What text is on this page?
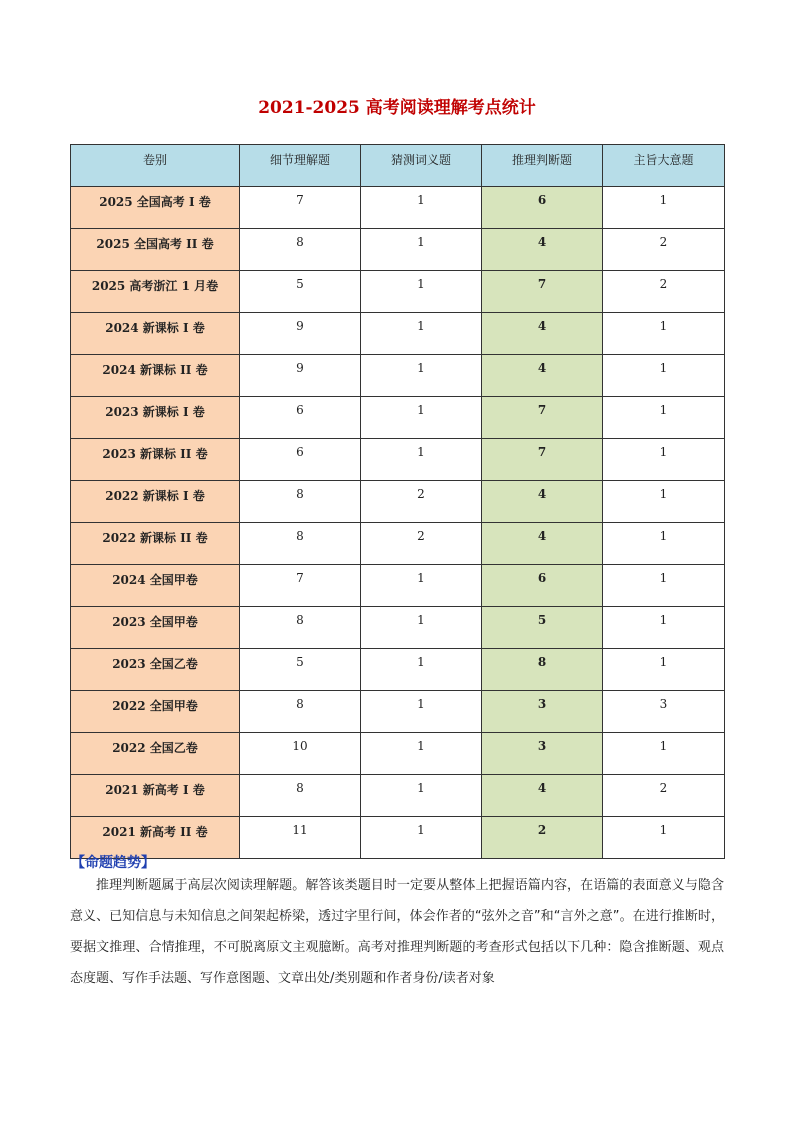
2021-2025 高考阅读理解考点统计
卷别	细节理解题	猜测词义题	推理判断题	主旨大意题
2025 全国高考 I 卷	7	1	6	1
2025 全国高考 II 卷	8	1	4	2
2025 高考浙江 1 月卷	5	1	7	2
2024 新课标 I 卷	9	1	4	1
2024 新课标 II 卷	9	1	4	1
2023 新课标 I 卷	6	1	7	1
2023 新课标 II 卷	6	1	7	1
2022 新课标 I 卷	8	2	4	1
2022 新课标 II 卷	8	2	4	1
2024 全国甲卷	7	1	6	1
2023 全国甲卷	8	1	5	1
2023 全国乙卷	5	1	8	1
2022 全国甲卷	8	1	3	3
2022 全国乙卷	10	1	3	1
2021 新高考 I 卷	8	1	4	2
2021 新高考 II 卷	11	1	2	1
【命题趋势】
推理判断题属于高层次阅读理解题。解答该类题目时一定要从整体上把握语篇内容，在语篇的表面意义与隐含意义、已知信息与未知信息之间架起桥梁，透过字里行间，体会作者的“弦外之音”和“言外之意”。在进行推断时，要据文推理、合情推理，不可脱离原文主观臆断。高考对推理判断题的考查形式包括以下几种：隐含推断题、观点态度题、写作手法题、写作意图题、文章出处/类别题和作者身份/读者对象
